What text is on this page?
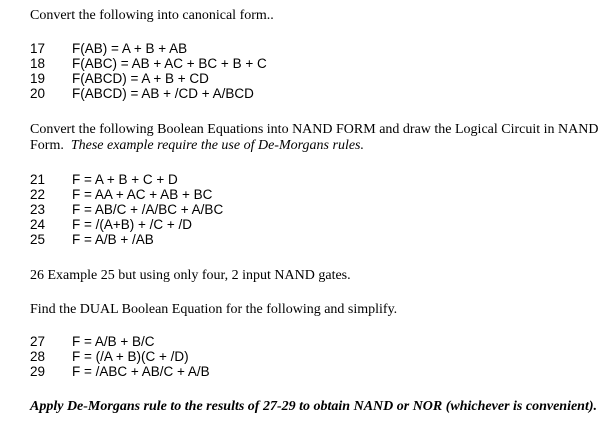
Convert the following into canonical form..

17	F(AB) = A + B + AB
18	F(ABC) = AB + AC + BC + B + C
19	F(ABCD) = A + B + CD
20	F(ABCD) = AB + /CD + A/BCD

Convert the following Boolean Equations into NAND FORM and draw the Logical Circuit in NAND Form. These example require the use of De-Morgans rules.

21	F = A + B + C + D
22	F = AA + AC + AB + BC
23	F = AB/C + /A/BC + A/BC
24	F = /(A+B) + /C + /D
25	F = A/B + /AB

26 Example 25 but using only four, 2 input NAND gates.

Find the DUAL Boolean Equation for the following and simplify.

27	F = A/B + B/C
28	F = (/A + B)(C + /D)
29	F = /ABC + AB/C + A/B

Apply De-Morgans rule to the results of 27-29 to obtain NAND or NOR (whichever is convenient).
